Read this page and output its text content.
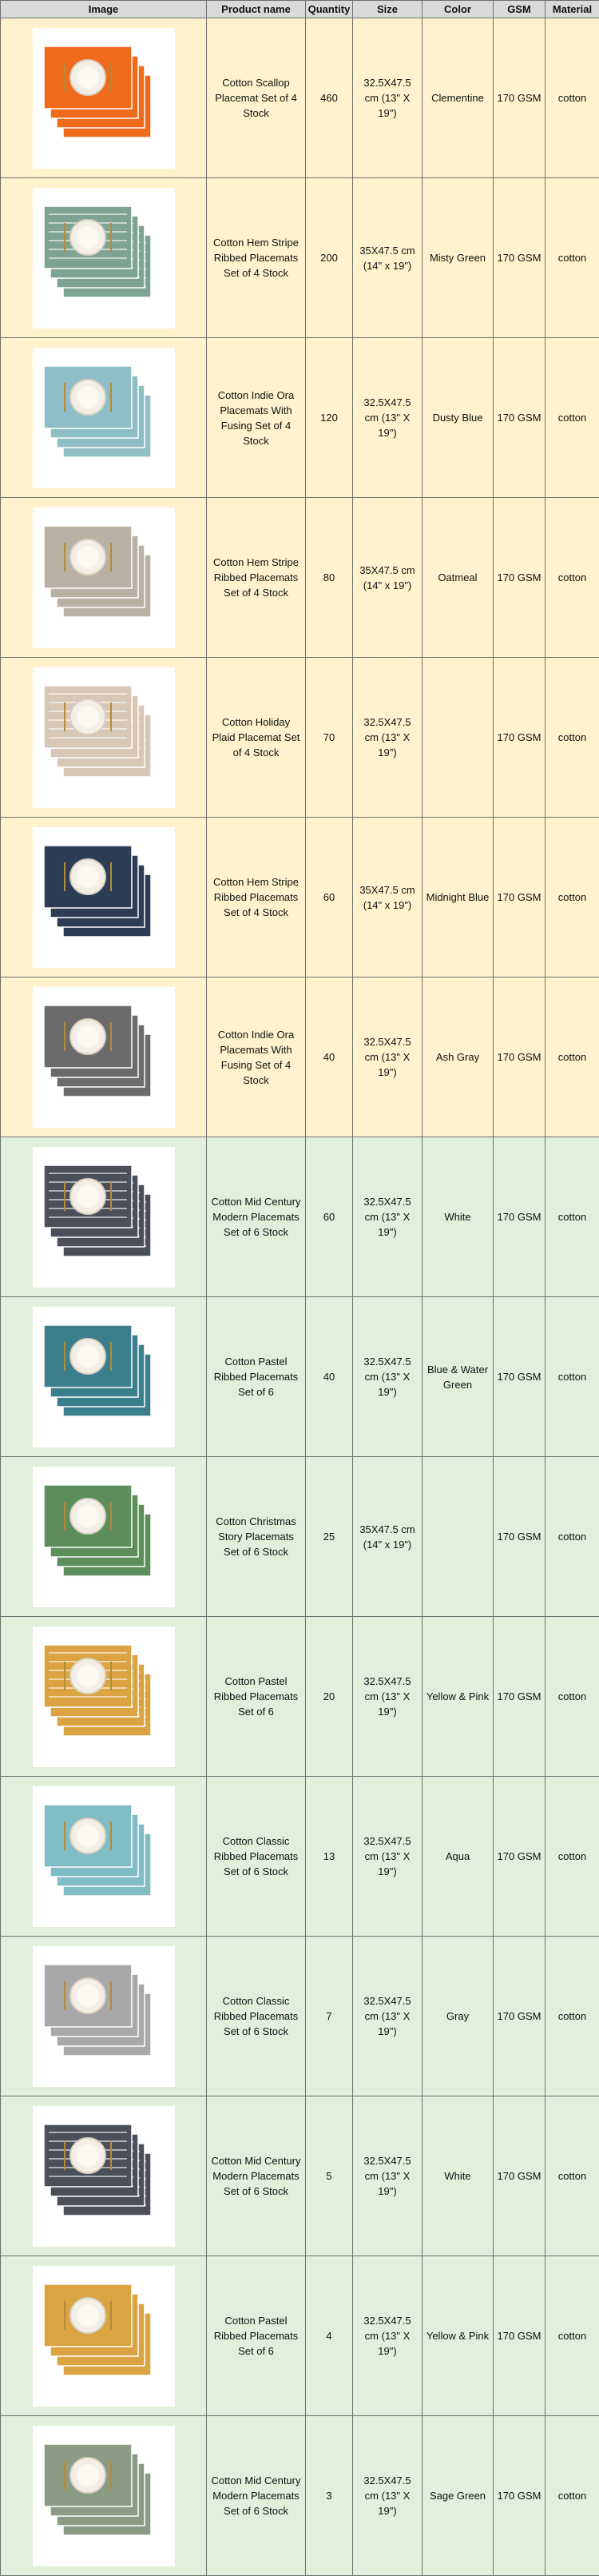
Image	Product name	Quantity	Size	Color	GSM	Material

	Cotton Scallop Placemat Set of 4 Stock	460	32.5X47.5 cm (13" X 19")	Clementine	170 GSM	cotton

	Cotton Hem Stripe Ribbed Placemats Set of 4 Stock	200	35X47.5 cm (14" x 19")	Misty Green	170 GSM	cotton

	Cotton Indie Ora Placemats With Fusing Set of 4 Stock	120	32.5X47.5 cm (13" X 19")	Dusty Blue	170 GSM	cotton

	Cotton Hem Stripe Ribbed Placemats Set of 4 Stock	80	35X47.5 cm (14" x 19")	Oatmeal	170 GSM	cotton

	Cotton Holiday Plaid Placemat Set of 4 Stock	70	32.5X47.5 cm (13" X 19")		170 GSM	cotton

	Cotton Hem Stripe Ribbed Placemats Set of 4 Stock	60	35X47.5 cm (14" x 19")	Midnight Blue	170 GSM	cotton

	Cotton Indie Ora Placemats With Fusing Set of 4 Stock	40	32.5X47.5 cm (13" X 19")	Ash Gray	170 GSM	cotton

	Cotton Mid Century Modern Placemats Set of 6 Stock	60	32.5X47.5 cm (13" X 19")	White	170 GSM	cotton

	Cotton Pastel Ribbed Placemats Set of 6	40	32.5X47.5 cm (13" X 19")	Blue & Water Green	170 GSM	cotton

	Cotton Christmas Story Placemats Set of 6 Stock	25	35X47.5 cm (14" x 19")		170 GSM	cotton

	Cotton Pastel Ribbed Placemats Set of 6	20	32.5X47.5 cm (13" X 19")	Yellow & Pink	170 GSM	cotton

	Cotton Classic Ribbed Placemats Set of 6 Stock	13	32.5X47.5 cm (13" X 19")	Aqua	170 GSM	cotton

	Cotton Classic Ribbed Placemats Set of 6 Stock	7	32.5X47.5 cm (13" X 19")	Gray	170 GSM	cotton

	Cotton Mid Century Modern Placemats Set of 6 Stock	5	32.5X47.5 cm (13" X 19")	White	170 GSM	cotton

	Cotton Pastel Ribbed Placemats Set of 6	4	32.5X47.5 cm (13" X 19")	Yellow & Pink	170 GSM	cotton

	Cotton Mid Century Modern Placemats Set of 6 Stock	3	32.5X47.5 cm (13" X 19")	Sage Green	170 GSM	cotton
